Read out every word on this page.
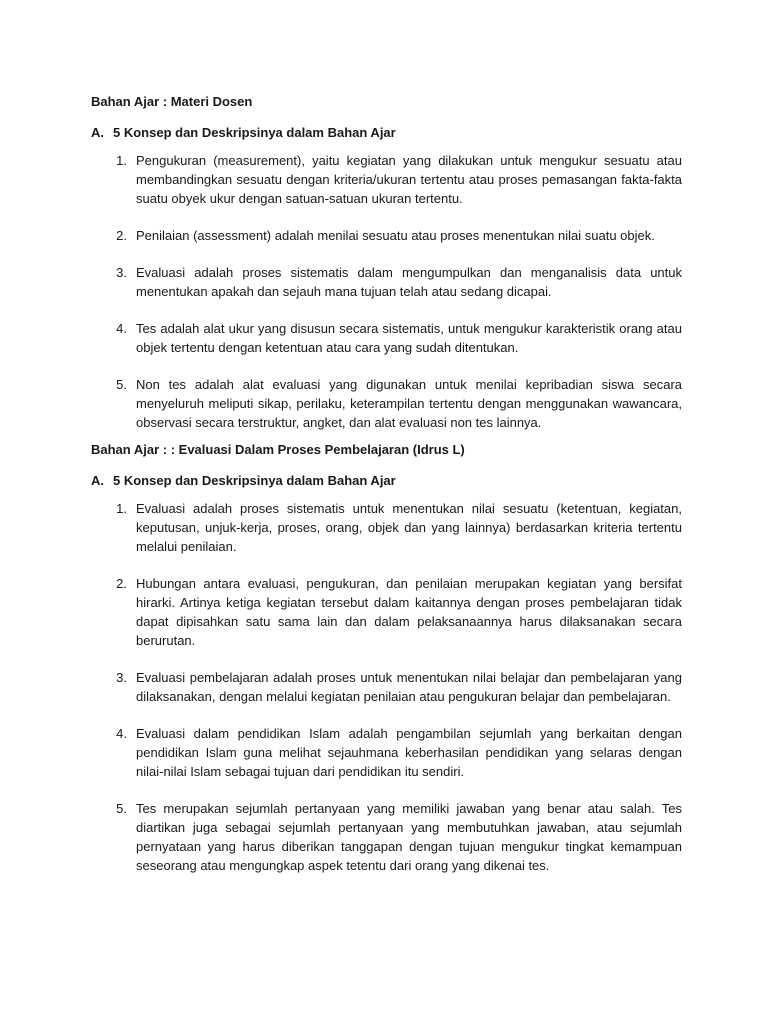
Bahan Ajar : Materi Dosen

A. 5 Konsep dan Deskripsinya dalam Bahan Ajar

1. Pengukuran (measurement), yaitu kegiatan yang dilakukan untuk mengukur sesuatu atau membandingkan sesuatu dengan kriteria/ukuran tertentu atau proses pemasangan fakta-fakta suatu obyek ukur dengan satuan-satuan ukuran tertentu.
2. Penilaian (assessment) adalah menilai sesuatu atau proses menentukan nilai suatu objek.
3. Evaluasi adalah proses sistematis dalam mengumpulkan dan menganalisis data untuk menentukan apakah dan sejauh mana tujuan telah atau sedang dicapai.
4. Tes adalah alat ukur yang disusun secara sistematis, untuk mengukur karakteristik orang atau objek tertentu dengan ketentuan atau cara yang sudah ditentukan.
5. Non tes adalah alat evaluasi yang digunakan untuk menilai kepribadian siswa secara menyeluruh meliputi sikap, perilaku, keterampilan tertentu dengan menggunakan wawancara, observasi secara terstruktur, angket, dan alat evaluasi non tes lainnya.

Bahan Ajar : : Evaluasi Dalam Proses Pembelajaran (Idrus L)

A. 5 Konsep dan Deskripsinya dalam Bahan Ajar

1. Evaluasi adalah proses sistematis untuk menentukan nilai sesuatu (ketentuan, kegiatan, keputusan, unjuk-kerja, proses, orang, objek dan yang lainnya) berdasarkan kriteria tertentu melalui penilaian.
2. Hubungan antara evaluasi, pengukuran, dan penilaian merupakan kegiatan yang bersifat hirarki. Artinya ketiga kegiatan tersebut dalam kaitannya dengan proses pembelajaran tidak dapat dipisahkan satu sama lain dan dalam pelaksanaannya harus dilaksanakan secara berurutan.
3. Evaluasi pembelajaran adalah proses untuk menentukan nilai belajar dan pembelajaran yang dilaksanakan, dengan melalui kegiatan penilaian atau pengukuran belajar dan pembelajaran.
4. Evaluasi dalam pendidikan Islam adalah pengambilan sejumlah yang berkaitan dengan pendidikan Islam guna melihat sejauhmana keberhasilan pendidikan yang selaras dengan nilai-nilai Islam sebagai tujuan dari pendidikan itu sendiri.
5. Tes merupakan sejumlah pertanyaan yang memiliki jawaban yang benar atau salah. Tes diartikan juga sebagai sejumlah pertanyaan yang membutuhkan jawaban, atau sejumlah pernyataan yang harus diberikan tanggapan dengan tujuan mengukur tingkat kemampuan seseorang atau mengungkap aspek tetentu dari orang yang dikenai tes.
